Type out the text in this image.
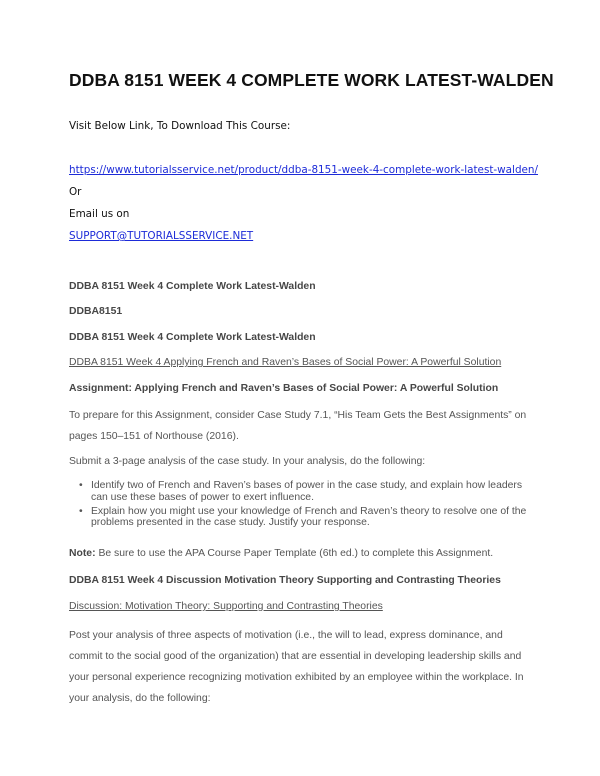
DDBA 8151 WEEK 4 COMPLETE WORK LATEST-WALDEN
Visit Below Link, To Download This Course:
https://www.tutorialsservice.net/product/ddba-8151-week-4-complete-work-latest-walden/
Or
Email us on
SUPPORT@TUTORIALSSERVICE.NET
DDBA 8151 Week 4 Complete Work Latest-Walden
DDBA8151
DDBA 8151 Week 4 Complete Work Latest-Walden
DDBA 8151 Week 4 Applying French and Raven’s Bases of Social Power: A Powerful Solution
Assignment: Applying French and Raven’s Bases of Social Power: A Powerful Solution
To prepare for this Assignment, consider Case Study 7.1, “His Team Gets the Best Assignments” on pages 150–151 of Northouse (2016).
Submit a 3-page analysis of the case study. In your analysis, do the following:
• Identify two of French and Raven’s bases of power in the case study, and explain how leaders can use these bases of power to exert influence.
• Explain how you might use your knowledge of French and Raven’s theory to resolve one of the problems presented in the case study. Justify your response.
Note: Be sure to use the APA Course Paper Template (6th ed.) to complete this Assignment.
DDBA 8151 Week 4 Discussion Motivation Theory Supporting and Contrasting Theories
Discussion: Motivation Theory: Supporting and Contrasting Theories
Post your analysis of three aspects of motivation (i.e., the will to lead, express dominance, and commit to the social good of the organization) that are essential in developing leadership skills and your personal experience recognizing motivation exhibited by an employee within the workplace. In your analysis, do the following:
